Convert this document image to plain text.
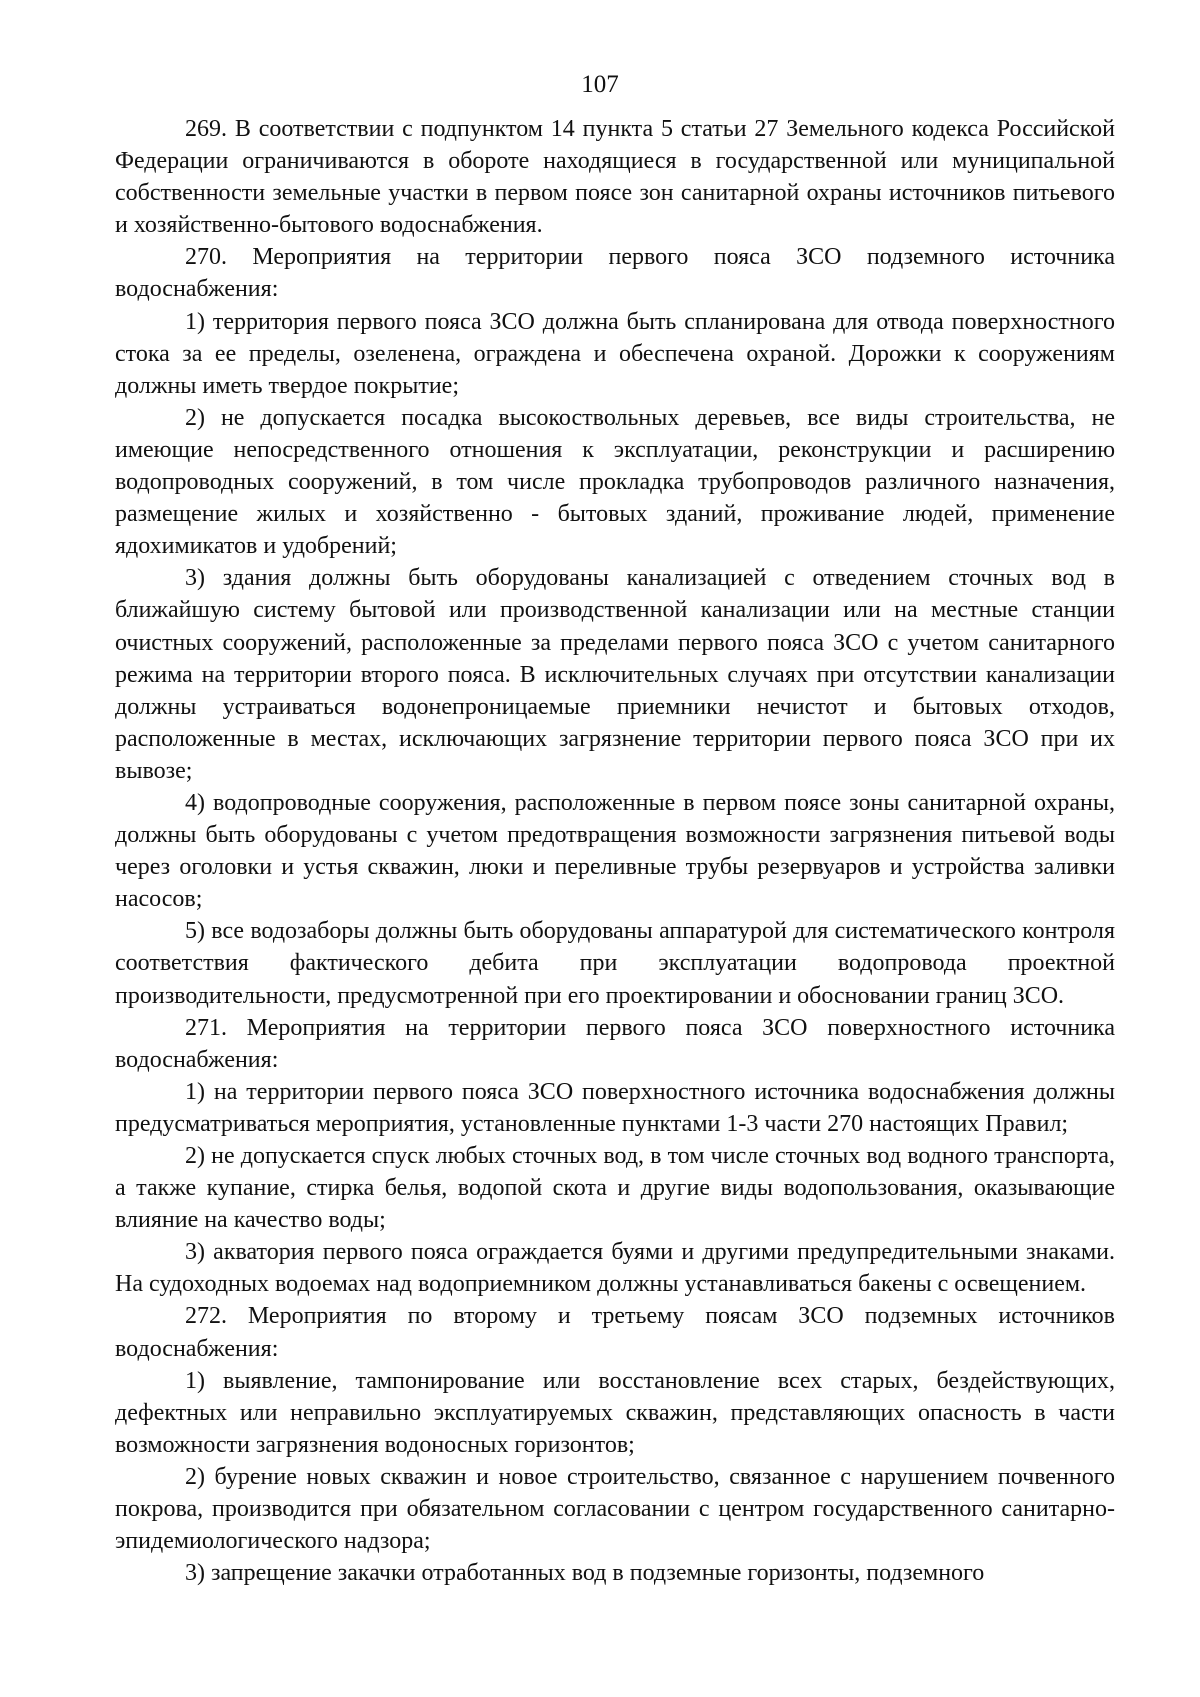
107

269. В соответствии с подпунктом 14 пункта 5 статьи 27 Земельного кодекса Российской Федерации ограничиваются в обороте находящиеся в государственной или муниципальной собственности земельные участки в первом поясе зон санитарной охраны источников питьевого и хозяйственно-бытового водоснабжения.

270. Мероприятия на территории первого пояса ЗСО подземного источника водоснабжения:

1) территория первого пояса ЗСО должна быть спланирована для отвода поверхностного стока за ее пределы, озеленена, ограждена и обеспечена охраной. Дорожки к сооружениям должны иметь твердое покрытие;

2) не допускается посадка высокоствольных деревьев, все виды строительства, не имеющие непосредственного отношения к эксплуатации, реконструкции и расширению водопроводных сооружений, в том числе прокладка трубопроводов различного назначения, размещение жилых и хозяйственно - бытовых зданий, проживание людей, применение ядохимикатов и удобрений;

3) здания должны быть оборудованы канализацией с отведением сточных вод в ближайшую систему бытовой или производственной канализации или на местные станции очистных сооружений, расположенные за пределами первого пояса ЗСО с учетом санитарного режима на территории второго пояса. В исключительных случаях при отсутствии канализации должны устраиваться водонепроницаемые приемники нечистот и бытовых отходов, расположенные в местах, исключающих загрязнение территории первого пояса ЗСО при их вывозе;

4) водопроводные сооружения, расположенные в первом поясе зоны санитарной охраны, должны быть оборудованы с учетом предотвращения возможности загрязнения питьевой воды через оголовки и устья скважин, люки и переливные трубы резервуаров и устройства заливки насосов;

5) все водозаборы должны быть оборудованы аппаратурой для систематического контроля соответствия фактического дебита при эксплуатации водопровода проектной производительности, предусмотренной при его проектировании и обосновании границ ЗСО.

271. Мероприятия на территории первого пояса ЗСО поверхностного источника водоснабжения:

1) на территории первого пояса ЗСО поверхностного источника водоснабжения должны предусматриваться мероприятия, установленные пунктами 1-3 части 270 настоящих Правил;

2) не допускается спуск любых сточных вод, в том числе сточных вод водного транспорта, а также купание, стирка белья, водопой скота и другие виды водопользования, оказывающие влияние на качество воды;

3) акватория первого пояса ограждается буями и другими предупредительными знаками. На судоходных водоемах над водоприемником должны устанавливаться бакены с освещением.

272. Мероприятия по второму и третьему поясам ЗСО подземных источников водоснабжения:

1) выявление, тампонирование или восстановление всех старых, бездействующих, дефектных или неправильно эксплуатируемых скважин, представляющих опасность в части возможности загрязнения водоносных горизонтов;

2) бурение новых скважин и новое строительство, связанное с нарушением почвенного покрова, производится при обязательном согласовании с центром государственного санитарно-эпидемиологического надзора;

3) запрещение закачки отработанных вод в подземные горизонты, подземного
